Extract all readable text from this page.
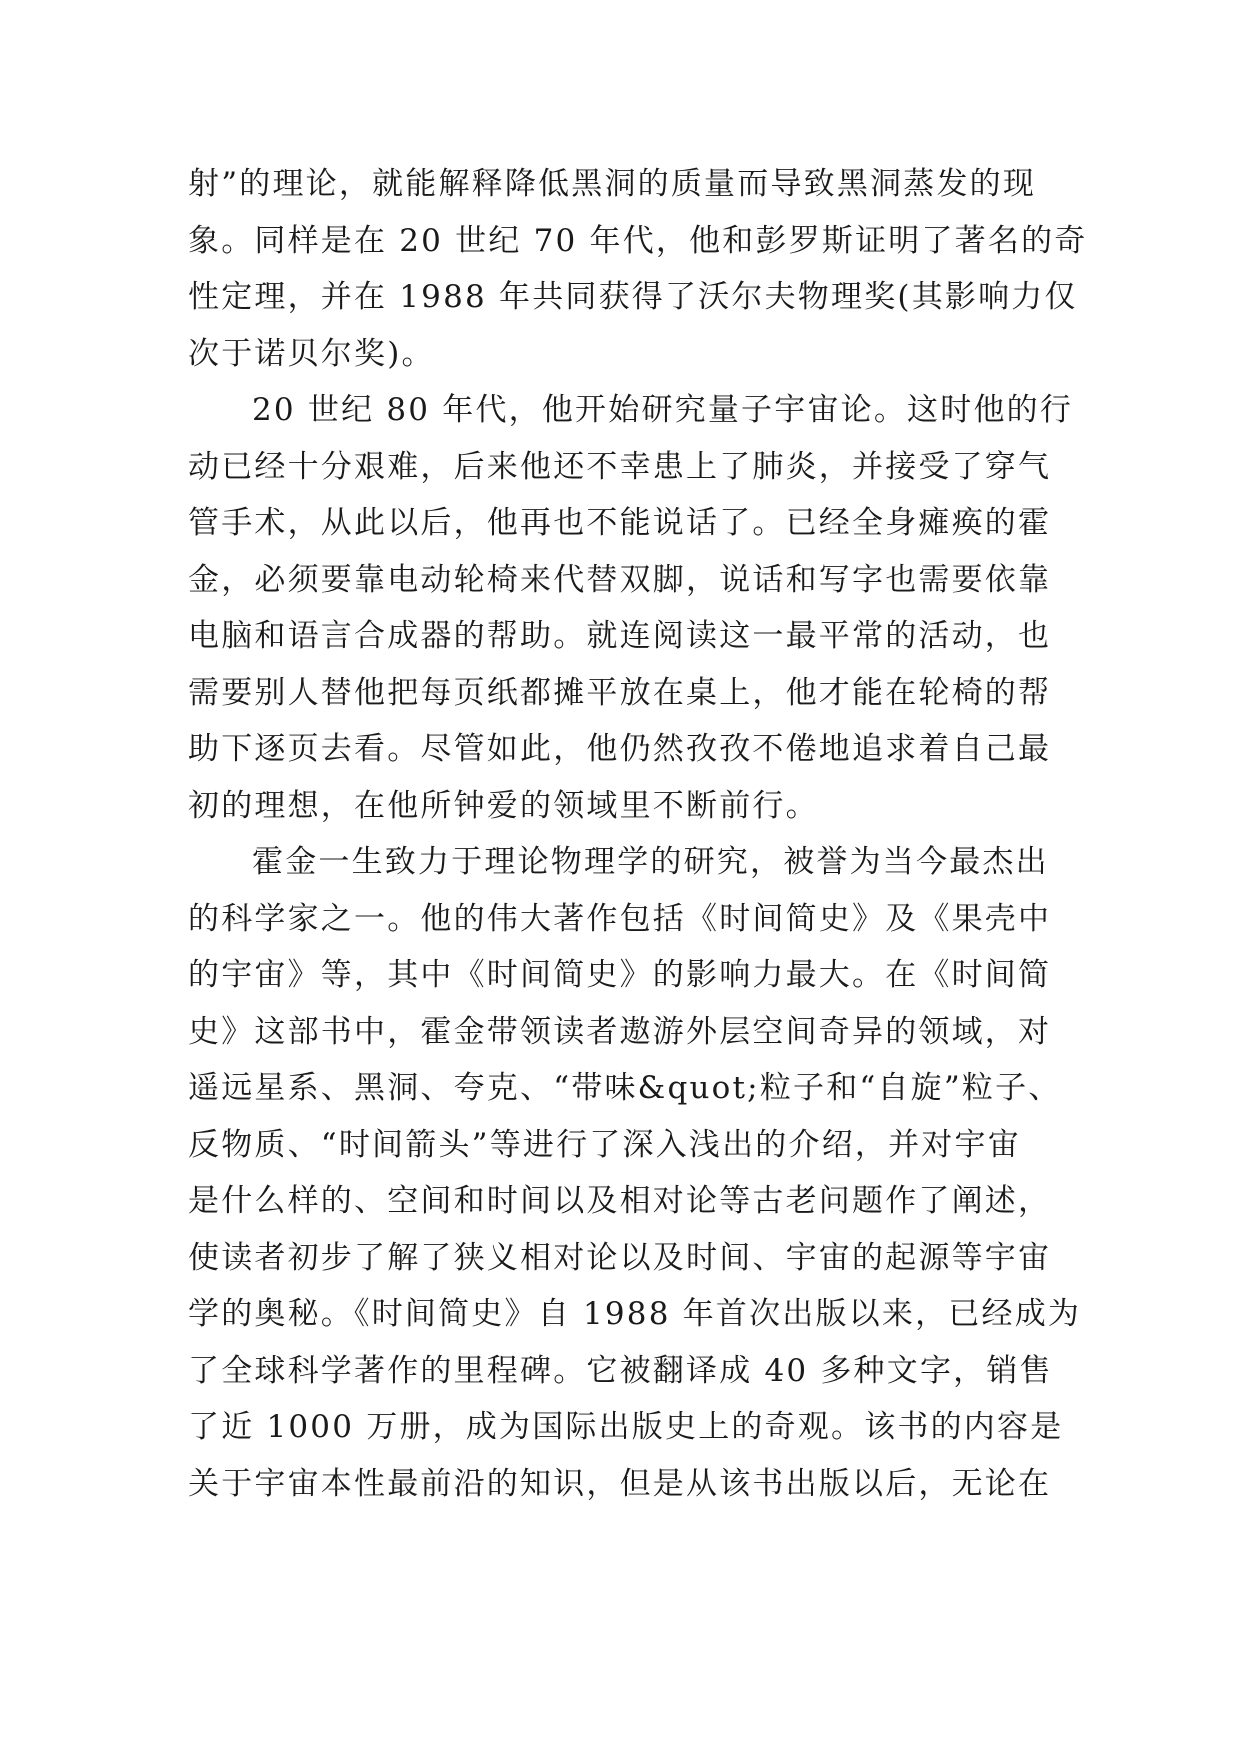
射”的理论，就能解释降低黑洞的质量而导致黑洞蒸发的现
象。同样是在 20 世纪 70 年代，他和彭罗斯证明了著名的奇
性定理，并在 1988 年共同获得了沃尔夫物理奖(其影响力仅
次于诺贝尔奖)。
20 世纪 80 年代，他开始研究量子宇宙论。这时他的行
动已经十分艰难，后来他还不幸患上了肺炎，并接受了穿气
管手术，从此以后，他再也不能说话了。已经全身瘫痪的霍
金，必须要靠电动轮椅来代替双脚，说话和写字也需要依靠
电脑和语言合成器的帮助。就连阅读这一最平常的活动，也
需要别人替他把每页纸都摊平放在桌上，他才能在轮椅的帮
助下逐页去看。尽管如此，他仍然孜孜不倦地追求着自己最
初的理想，在他所钟爱的领域里不断前行。
霍金一生致力于理论物理学的研究，被誉为当今最杰出
的科学家之一。他的伟大著作包括《时间简史》及《果壳中
的宇宙》等，其中《时间简史》的影响力最大。在《时间简
史》这部书中，霍金带领读者遨游外层空间奇异的领域，对
遥远星系、黑洞、夸克、“带味&quot;粒子和“自旋”粒子、
反物质、“时间箭头”等进行了深入浅出的介绍，并对宇宙
是什么样的、空间和时间以及相对论等古老问题作了阐述，
使读者初步了解了狭义相对论以及时间、宇宙的起源等宇宙
学的奥秘。《时间简史》自 1988 年首次出版以来，已经成为
了全球科学著作的里程碑。它被翻译成 40 多种文字，销售
了近 1000 万册，成为国际出版史上的奇观。该书的内容是
关于宇宙本性最前沿的知识，但是从该书出版以后，无论在
